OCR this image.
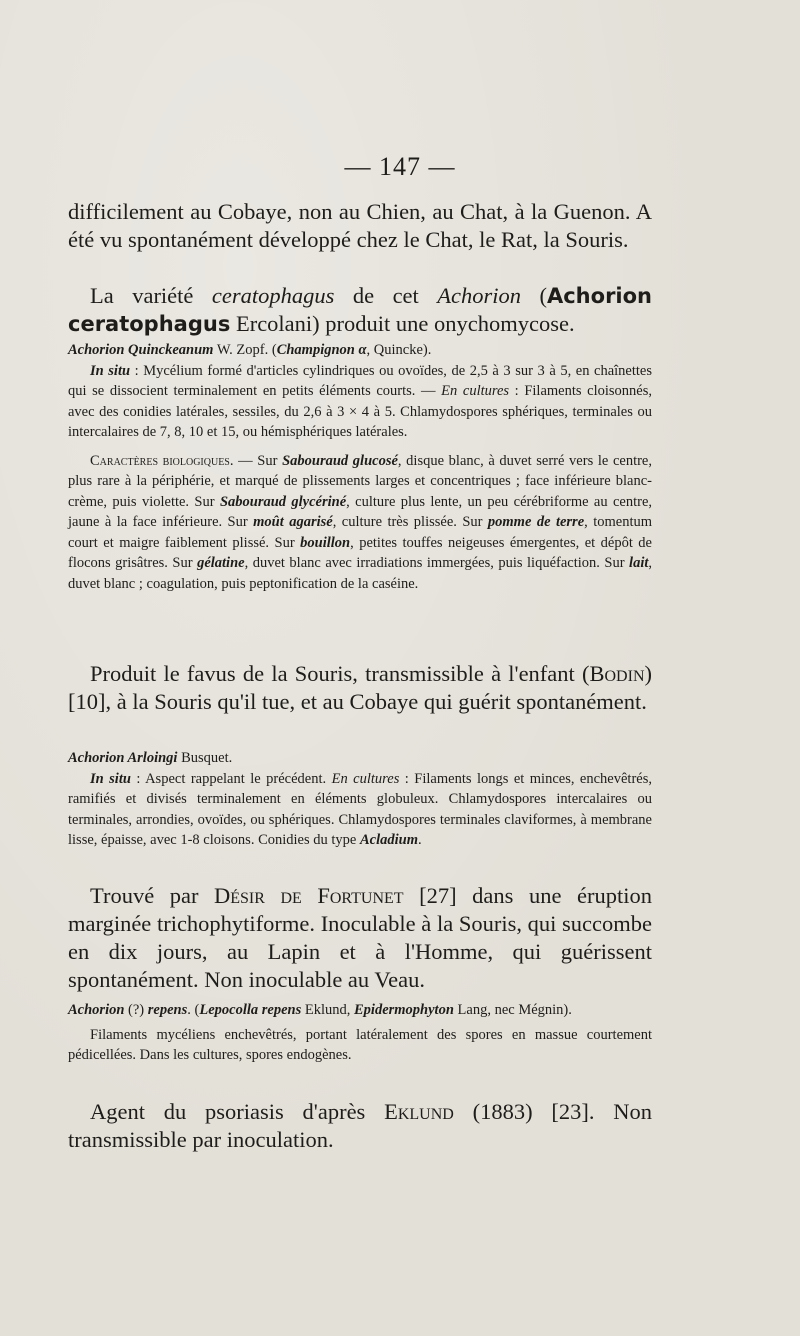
— 147 —

difficilement au Cobaye, non au Chien, au Chat, à la Guenon. A été vu spontanément développé chez le Chat, le Rat, la Souris.

La variété ceratophagus de cet Achorion (Achorion ceratophagus Ercolani) produit une onychomycose.

Achorion Quinckeanum W. Zopf. (Champignon α, Quincke).

In situ : Mycélium formé d'articles cylindriques ou ovoïdes, de 2,5 à 3 sur 3 à 5, en chaînettes qui se dissocient terminalement en petits éléments courts. — En cultures : Filaments cloisonnés, avec des conidies latérales, sessiles, du 2,6 à 3 × 4 à 5. Chlamydospores sphériques, terminales ou intercalaires de 7, 8, 10 et 15, ou hémisphériques latérales.

Caractères biologiques. — Sur Sabouraud glucosé, disque blanc, à duvet serré vers le centre, plus rare à la périphérie, et marqué de plissements larges et concentriques ; face inférieure blanc-crème, puis violette. Sur Sabouraud glycériné, culture plus lente, un peu cérébriforme au centre, jaune à la face inférieure. Sur moût agarisé, culture très plissée. Sur pomme de terre, tomentum court et maigre faiblement plissé. Sur bouillon, petites touffes neigeuses émergentes, et dépôt de flocons grisâtres. Sur gélatine, duvet blanc avec irradiations immergées, puis liquéfaction. Sur lait, duvet blanc ; coagulation, puis peptonification de la caséine.

Produit le favus de la Souris, transmissible à l'enfant (Bodin) [10], à la Souris qu'il tue, et au Cobaye qui guérit spontanément.

Achorion Arloingi Busquet.

In situ : Aspect rappelant le précédent. En cultures : Filaments longs et minces, enchevêtrés, ramifiés et divisés terminalement en éléments globuleux. Chlamydospores intercalaires ou terminales, arrondies, ovoïdes, ou sphériques. Chlamydospores terminales claviformes, à membrane lisse, épaisse, avec 1-8 cloisons. Conidies du type Acladium.

Trouvé par Désir de Fortunet [27] dans une éruption marginée trichophytiforme. Inoculable à la Souris, qui succombe en dix jours, au Lapin et à l'Homme, qui guérissent spontanément. Non inoculable au Veau.

Achorion (?) repens. (Lepocolla repens Eklund, Epidermophyton Lang, nec Mégnin).

Filaments mycéliens enchevêtrés, portant latéralement des spores en massue courtement pédicellées. Dans les cultures, spores endogènes.

Agent du psoriasis d'après Eklund (1883) [23]. Non transmissible par inoculation.
